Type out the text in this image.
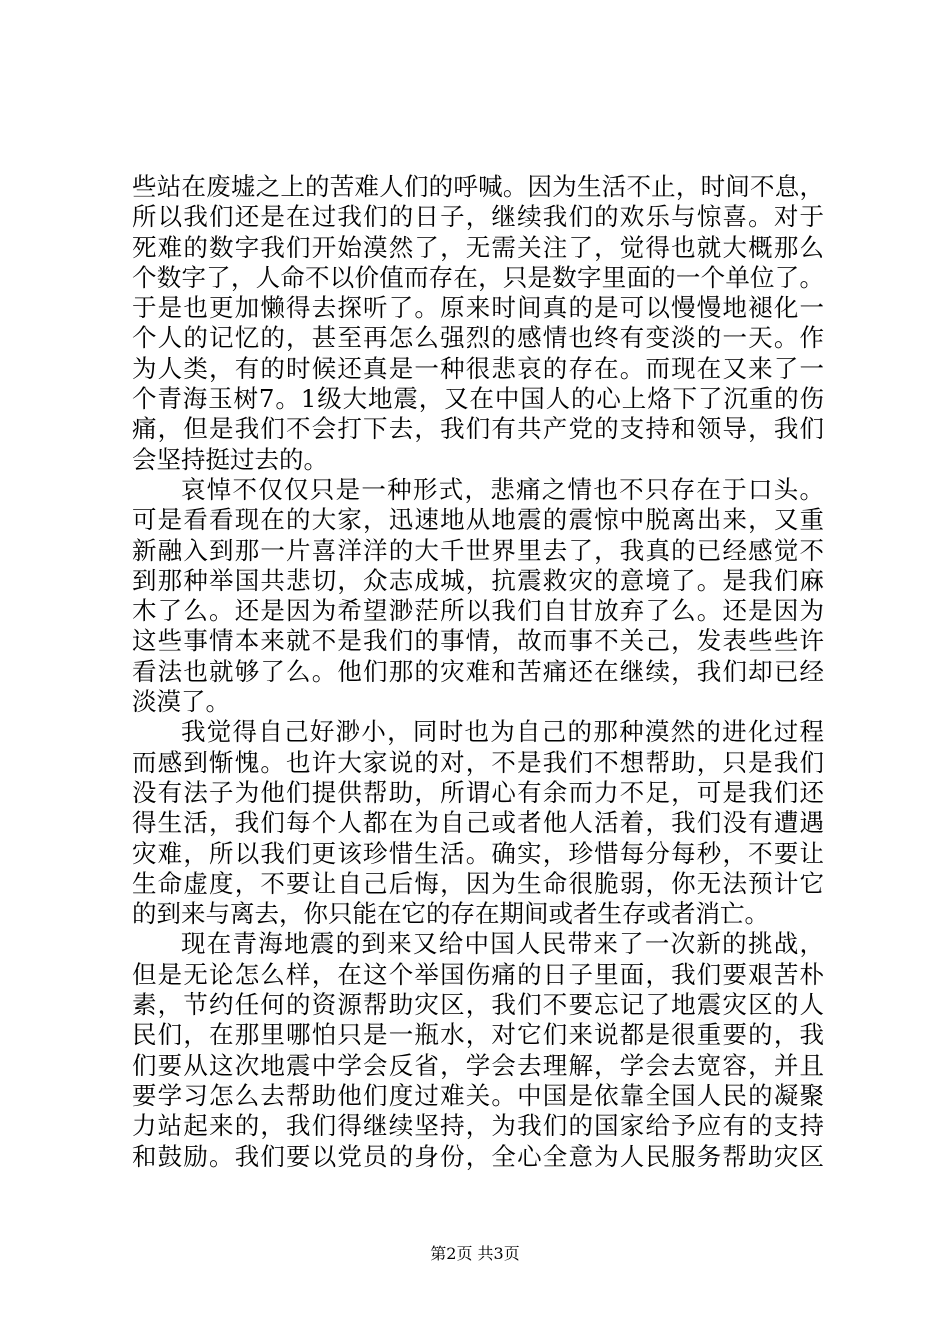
些站在废墟之上的苦难人们的呼喊。因为生活不止，时间不息，
所以我们还是在过我们的日子，继续我们的欢乐与惊喜。对于
死难的数字我们开始漠然了，无需关注了，觉得也就大概那么
个数字了，人命不以价值而存在，只是数字里面的一个单位了。
于是也更加懒得去探听了。原来时间真的是可以慢慢地褪化一
个人的记忆的，甚至再怎么强烈的感情也终有变淡的一天。作
为人类，有的时候还真是一种很悲哀的存在。而现在又来了一
个青海玉树7。1级大地震，又在中国人的心上烙下了沉重的伤
痛，但是我们不会打下去，我们有共产党的支持和领导，我们
会坚持挺过去的。
哀悼不仅仅只是一种形式，悲痛之情也不只存在于口头。
可是看看现在的大家，迅速地从地震的震惊中脱离出来，又重
新融入到那一片喜洋洋的大千世界里去了，我真的已经感觉不
到那种举国共悲切，众志成城，抗震救灾的意境了。是我们麻
木了么。还是因为希望渺茫所以我们自甘放弃了么。还是因为
这些事情本来就不是我们的事情，故而事不关己，发表些些许
看法也就够了么。他们那的灾难和苦痛还在继续，我们却已经
淡漠了。
我觉得自己好渺小，同时也为自己的那种漠然的进化过程
而感到惭愧。也许大家说的对，不是我们不想帮助，只是我们
没有法子为他们提供帮助，所谓心有余而力不足，可是我们还
得生活，我们每个人都在为自己或者他人活着，我们没有遭遇
灾难，所以我们更该珍惜生活。确实，珍惜每分每秒，不要让
生命虚度，不要让自己后悔，因为生命很脆弱，你无法预计它
的到来与离去，你只能在它的存在期间或者生存或者消亡。
现在青海地震的到来又给中国人民带来了一次新的挑战，
但是无论怎么样，在这个举国伤痛的日子里面，我们要艰苦朴
素，节约任何的资源帮助灾区，我们不要忘记了地震灾区的人
民们，在那里哪怕只是一瓶水，对它们来说都是很重要的，我
们要从这次地震中学会反省，学会去理解，学会去宽容，并且
要学习怎么去帮助他们度过难关。中国是依靠全国人民的凝聚
力站起来的，我们得继续坚持，为我们的国家给予应有的支持
和鼓励。我们要以党员的身份，全心全意为人民服务帮助灾区
第2页 共3页
